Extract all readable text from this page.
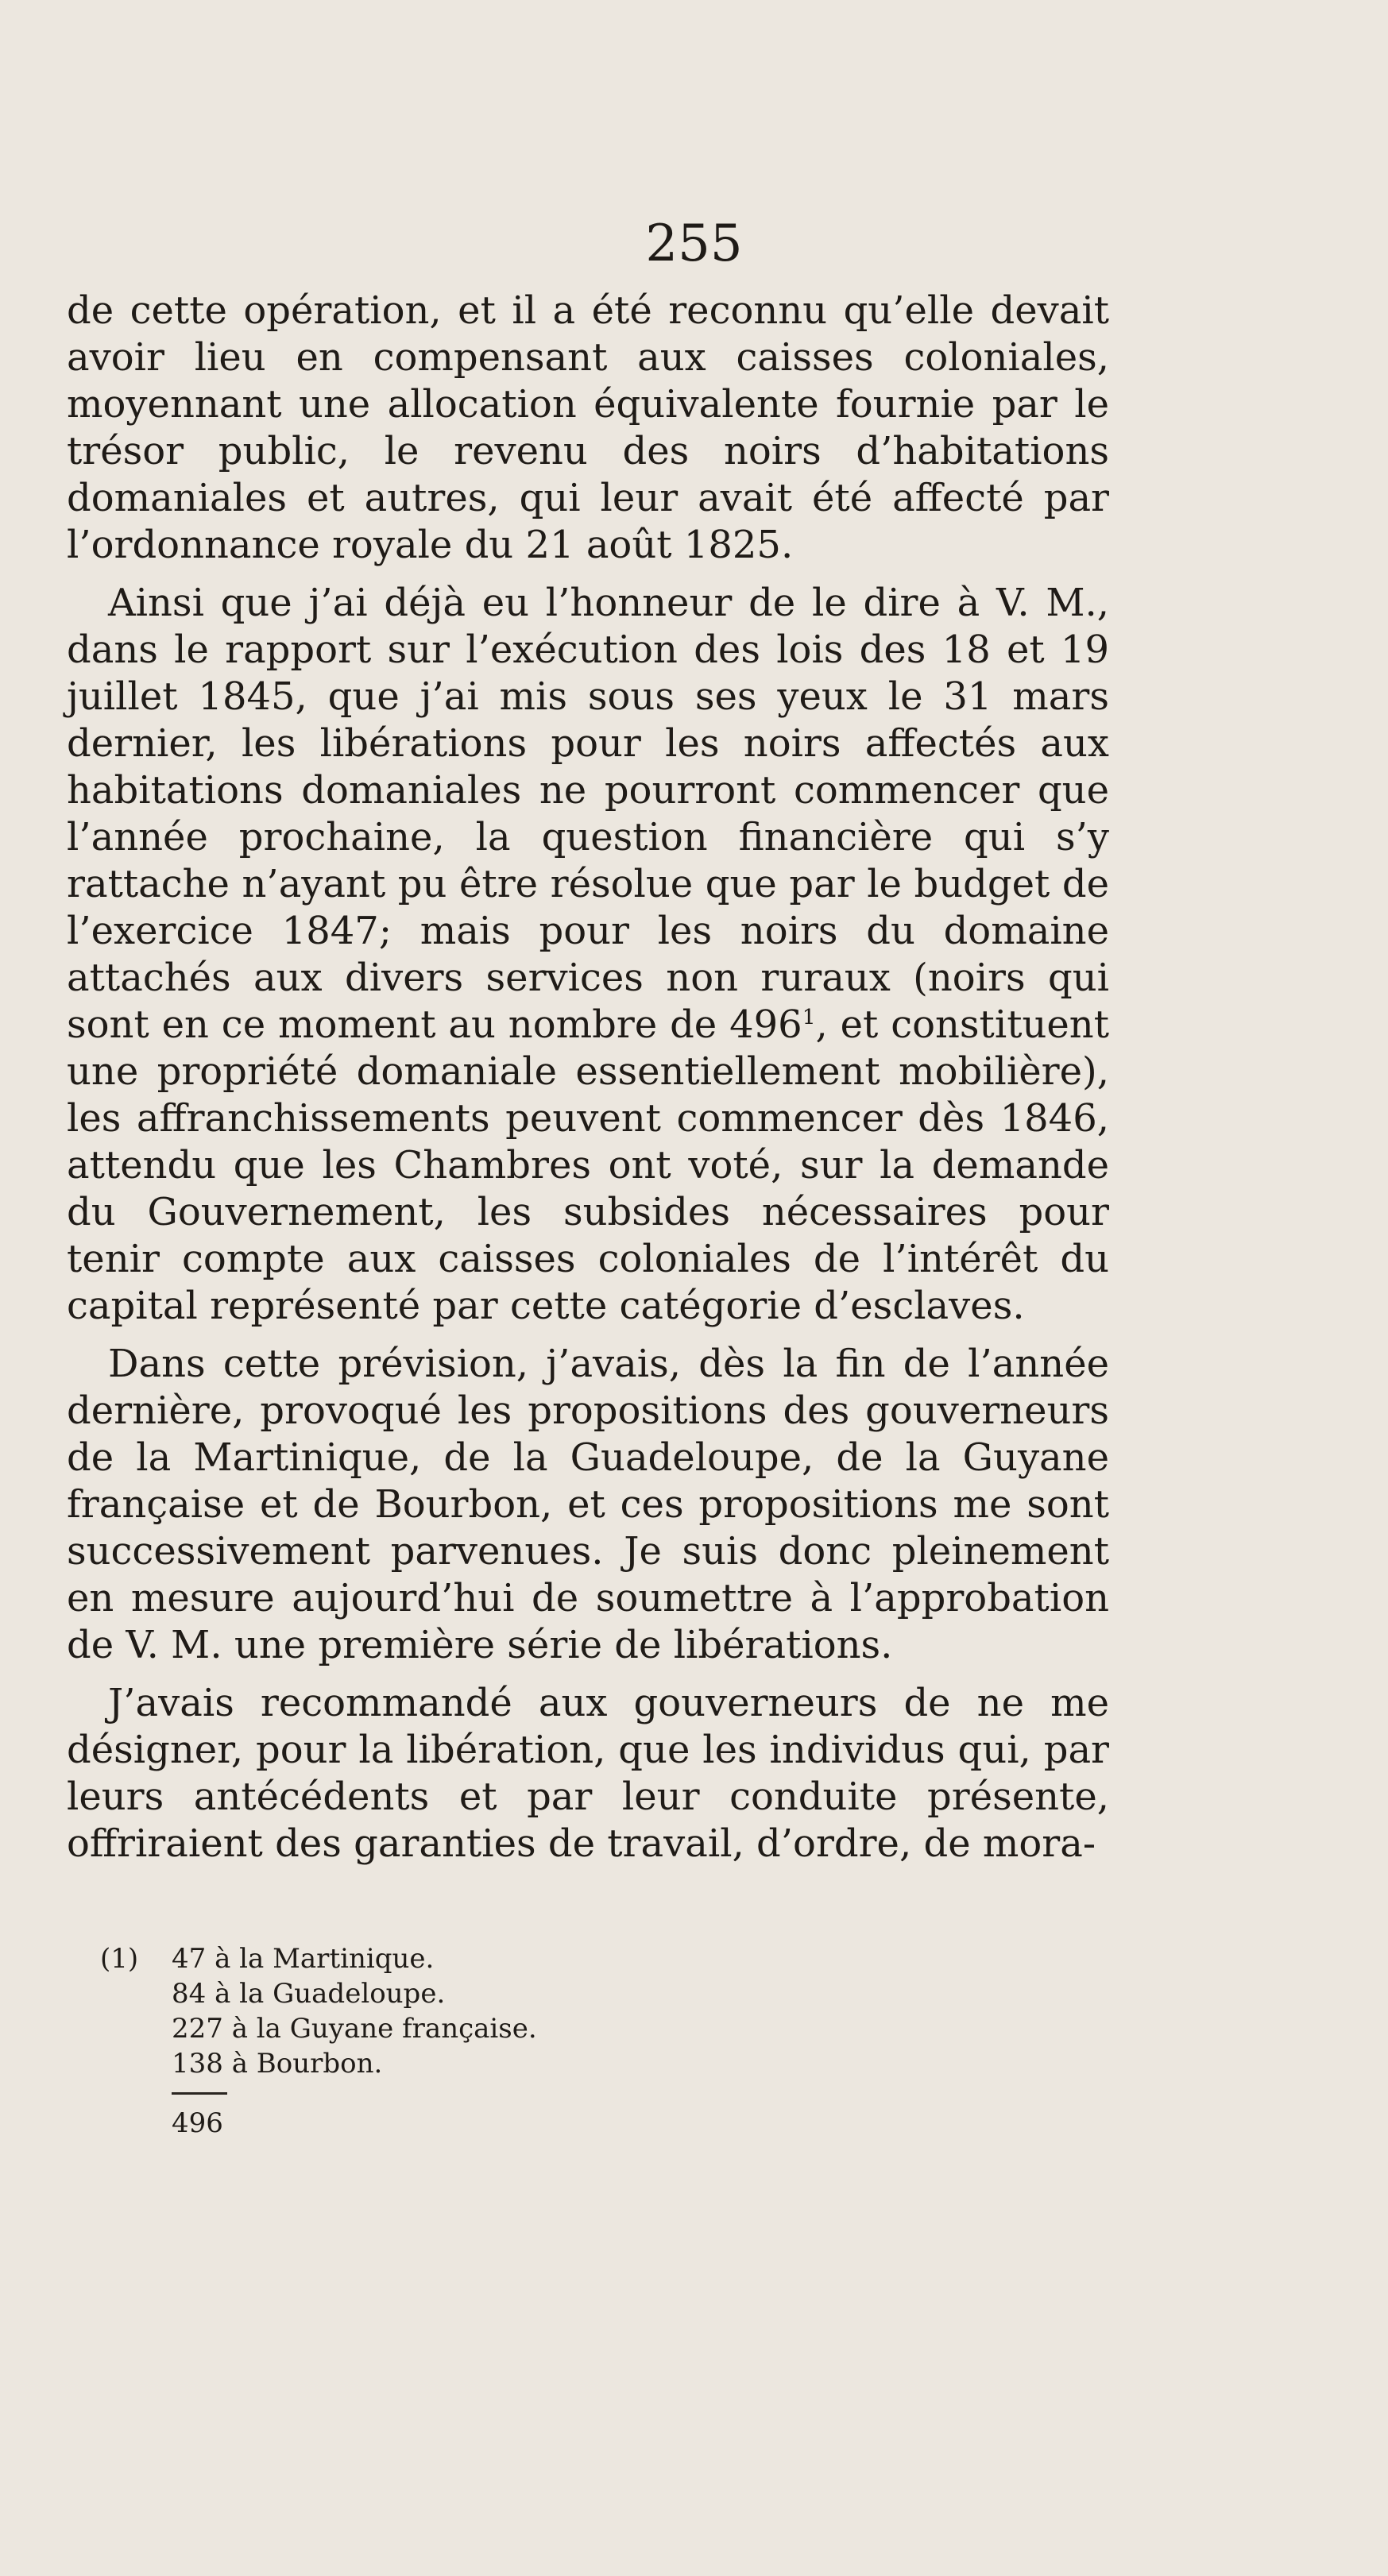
255

de cette opération, et il a été reconnu qu’elle devait avoir lieu en compensant aux caisses coloniales, moyennant une allocation équivalente fournie par le trésor public, le revenu des noirs d’habitations domaniales et autres, qui leur avait été affecté par l’ordonnance royale du 21 août 1825.

Ainsi que j’ai déjà eu l’honneur de le dire à V. M., dans le rapport sur l’exécution des lois des 18 et 19 juillet 1845, que j’ai mis sous ses yeux le 31 mars dernier, les libérations pour les noirs affectés aux habitations domaniales ne pourront commencer que l’année prochaine, la question financière qui s’y rattache n’ayant pu être résolue que par le budget de l’exercice 1847; mais pour les noirs du domaine attachés aux divers services non ruraux (noirs qui sont en ce moment au nombre de $496^1$, et constituent une propriété domaniale essentiellement mobilière), les affranchissements peuvent commencer dès 1846, attendu que les Chambres ont voté, sur la demande du Gouvernement, les subsides nécessaires pour tenir compte aux caisses coloniales de l’intérêt du capital représenté par cette catégorie d’esclaves.

Dans cette prévision, j’avais, dès la fin de l’année dernière, provoqué les propositions des gouverneurs de la Martinique, de la Guadeloupe, de la Guyane française et de Bourbon, et ces propositions me sont successivement parvenues. Je suis donc pleinement en mesure aujourd’hui de soumettre à l’approbation de V. M. une première série de libérations.

J’avais recommandé aux gouverneurs de ne me désigner, pour la libération, que les individus qui, par leurs antécédents et par leur conduite présente, offriraient des garanties de travail, d’ordre, de mora-

(1) 47 à la Martinique.
84 à la Guadeloupe.
227 à la Guyane française.
138 à Bourbon.
496
